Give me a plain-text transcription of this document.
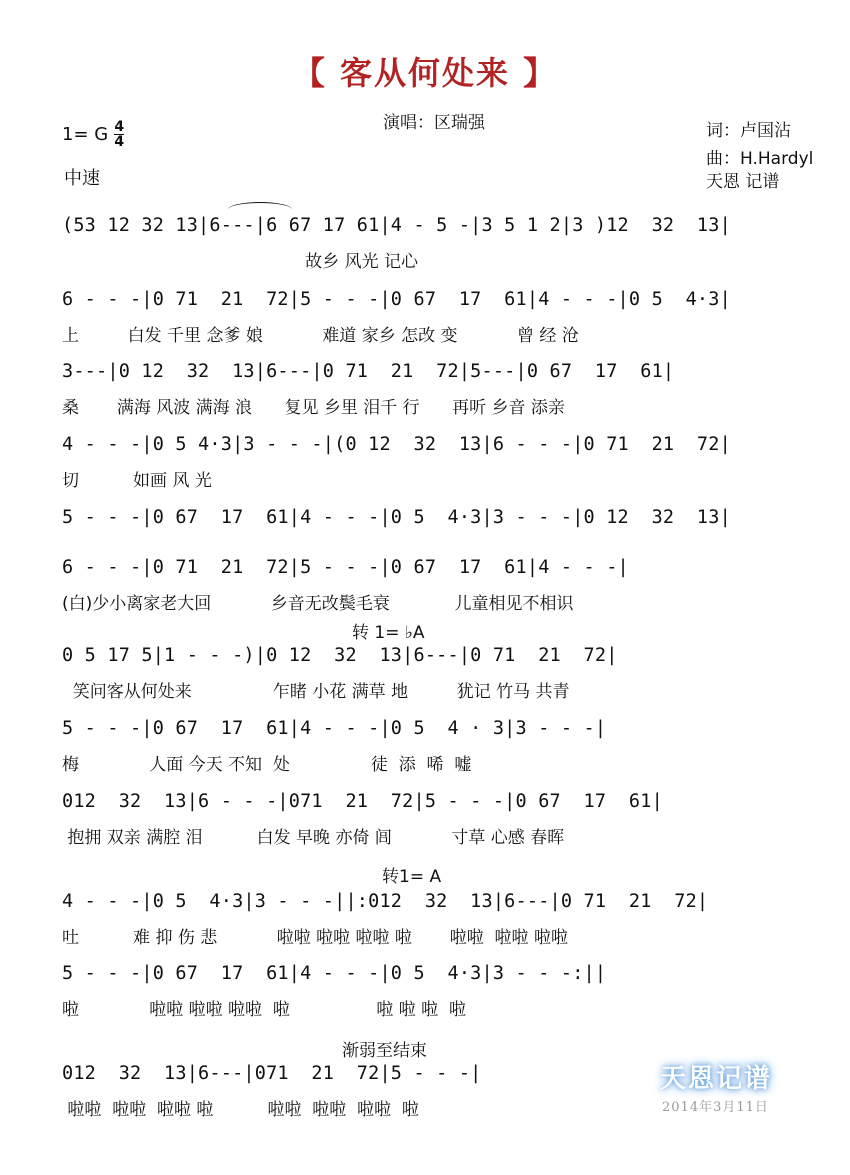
【 客从何处来 】
演唱：区瑞强	词：卢国沾
曲：H.Hardyl
天恩 记谱
1= G $\frac{4}{4}$
中速
(53 12 32 13|6---|6 67 17 61|4 - 5 -|3 5 1 2|3 )12  32  13|
故乡 风光 记心
6 - - -|0 71  21  72|5 - - -|0 67  17  61|4 - - -|0 5  4·3|
上         白发 千里 念爹 娘           难道 家乡 怎改 变           曾 经 沧
3---|0 12  32  13|6---|0 71  21  72|5---|0 67  17  61|
桑       满海 风波 满海 浪      复见 乡里 泪千 行      再听 乡音 添亲
4 - - -|0 5 4·3|3 - - -|(0 12  32  13|6 - - -|0 71  21  72|
切          如画 风 光
5 - - -|0 67  17  61|4 - - -|0 5  4·3|3 - - -|0 12  32  13|
6 - - -|0 71  21  72|5 - - -|0 67  17  61|4 - - -|
(白)少小离家老大回           乡音无改鬓毛衰            儿童相见不相识
转 1= ♭A
0 5 17 5|1 - - -)|0 12  32  13|6---|0 71  21  72|
笑问客从何处来               乍睹 小花 满草 地         犹记 竹马 共青
5 - - -|0 67  17  61|4 - - -|0 5  4 · 3|3 - - -|
梅             人面 今天 不知  处               徒  添  唏  嘘
012  32  13|6 - - -|071  21  72|5 - - -|0 67  17  61|
抱拥 双亲 满腔 泪          白发 早晚 亦倚 闾           寸草 心感 春晖
转1= A
4 - - -|0 5  4·3|3 - - -||:012  32  13|6---|0 71  21  72|
吐          难 抑 伤 悲           啦啦 啦啦 啦啦 啦       啦啦  啦啦 啦啦
5 - - -|0 67  17  61|4 - - -|0 5  4·3|3 - - -:||
啦             啦啦 啦啦 啦啦  啦                啦 啦 啦  啦
渐弱至结束
012  32  13|6---|071  21  72|5 - - -|
啦啦  啦啦  啦啦 啦          啦啦  啦啦  啦啦  啦
天恩记谱
2014年3月11日
